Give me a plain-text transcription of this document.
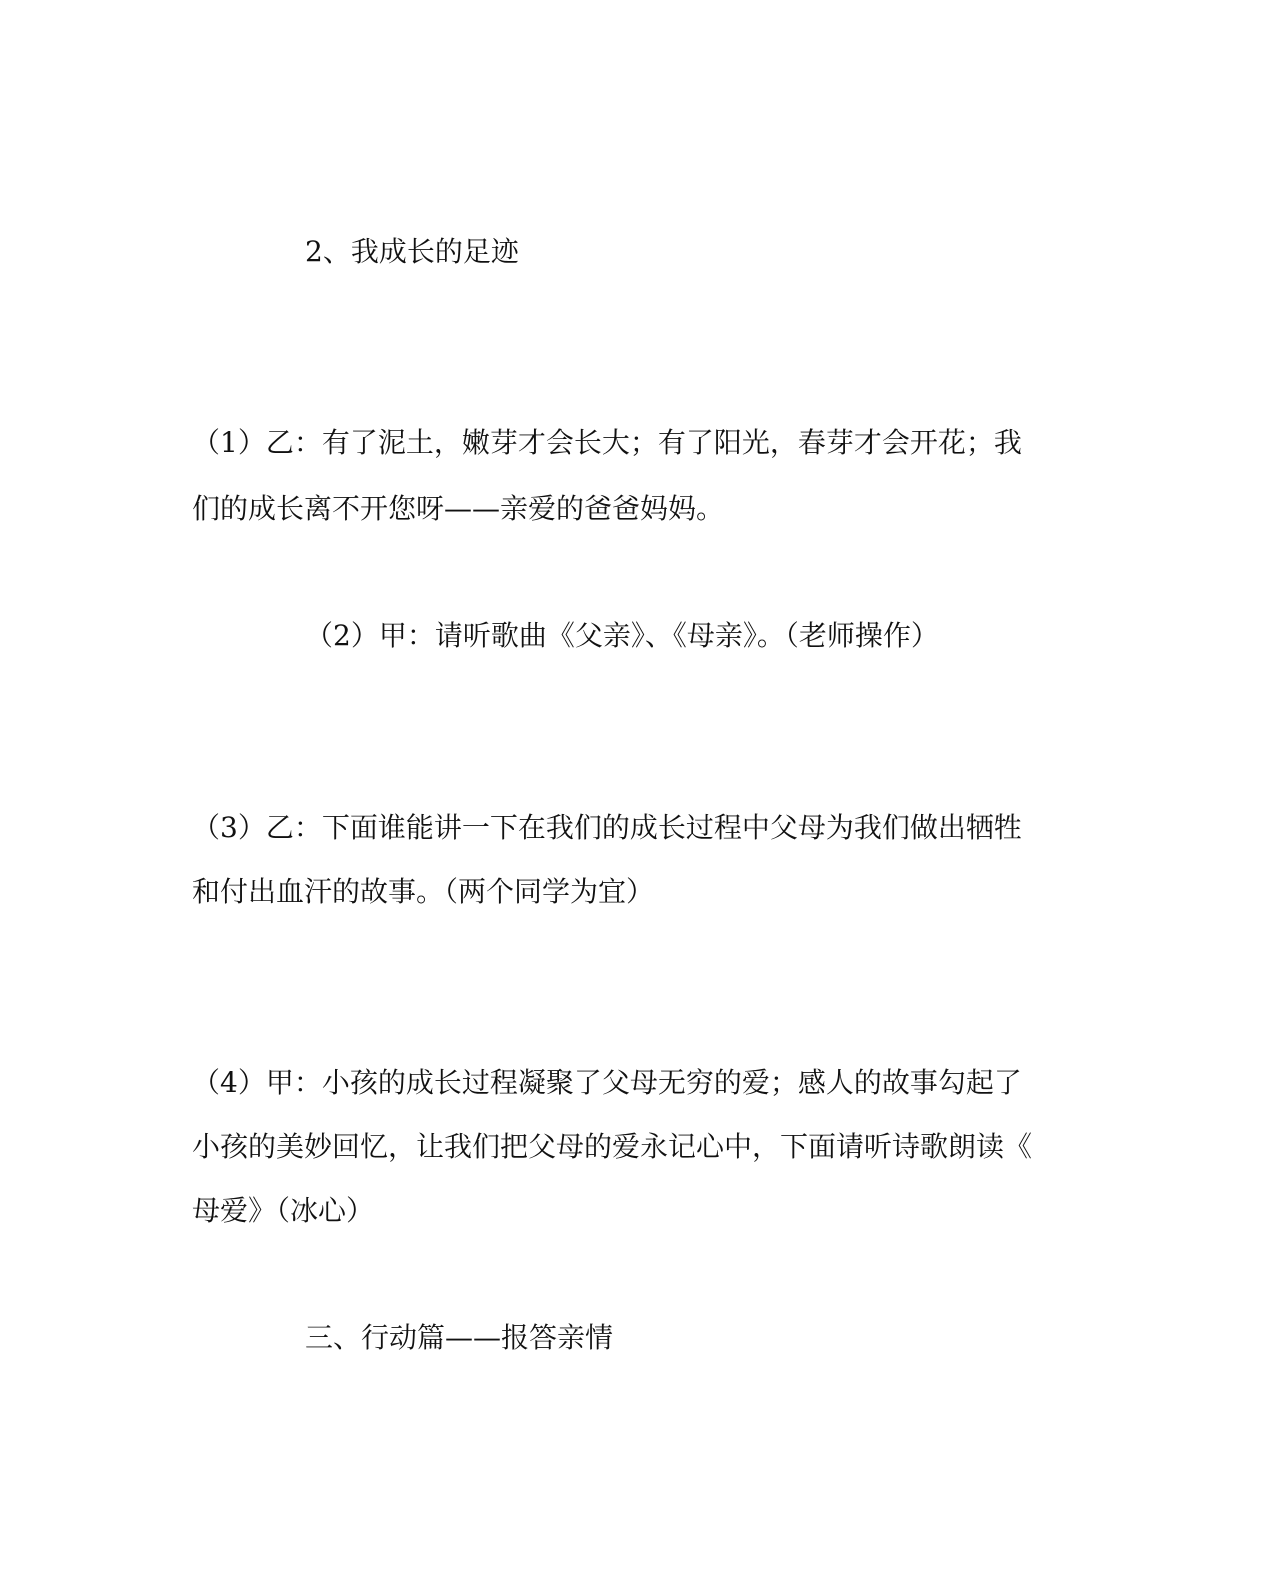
2、我成长的足迹

（1）乙：有了泥土，嫩芽才会长大；有了阳光，春芽才会开花；我

们的成长离不开您呀——亲爱的爸爸妈妈。

（2）甲：请听歌曲《父亲》、《母亲》。（老师操作）

（3）乙：下面谁能讲一下在我们的成长过程中父母为我们做出牺牲

和付出血汗的故事。（两个同学为宜）

（4）甲：小孩的成长过程凝聚了父母无穷的爱；感人的故事勾起了

小孩的美妙回忆，让我们把父母的爱永记心中，下面请听诗歌朗读《

母爱》（冰心）

三、行动篇——报答亲情
